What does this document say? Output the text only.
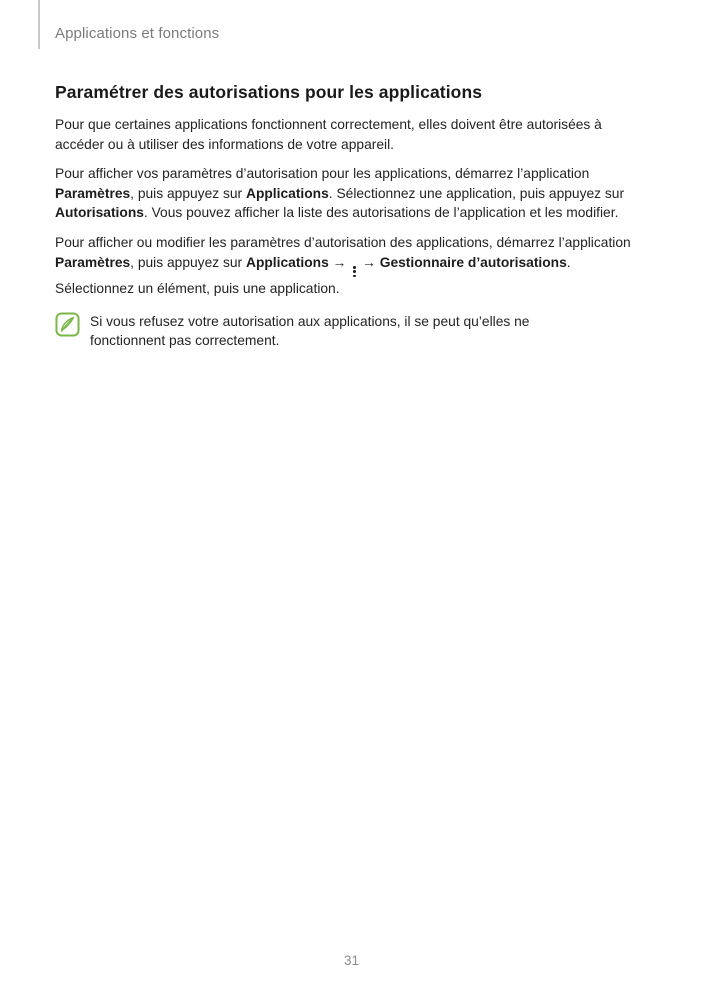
Applications et fonctions
Paramétrer des autorisations pour les applications

Pour que certaines applications fonctionnent correctement, elles doivent être autorisées à accéder ou à utiliser des informations de votre appareil.

Pour afficher vos paramètres d’autorisation pour les applications, démarrez l’application Paramètres, puis appuyez sur Applications. Sélectionnez une application, puis appuyez sur Autorisations. Vous pouvez afficher la liste des autorisations de l’application et les modifier.

Pour afficher ou modifier les paramètres d’autorisation des applications, démarrez l’application Paramètres, puis appuyez sur Applications →
→ Gestionnaire d’autorisations. Sélectionnez un élément, puis une application.

Si vous refusez votre autorisation aux applications, il se peut qu’elles ne fonctionnent pas correctement.
31
